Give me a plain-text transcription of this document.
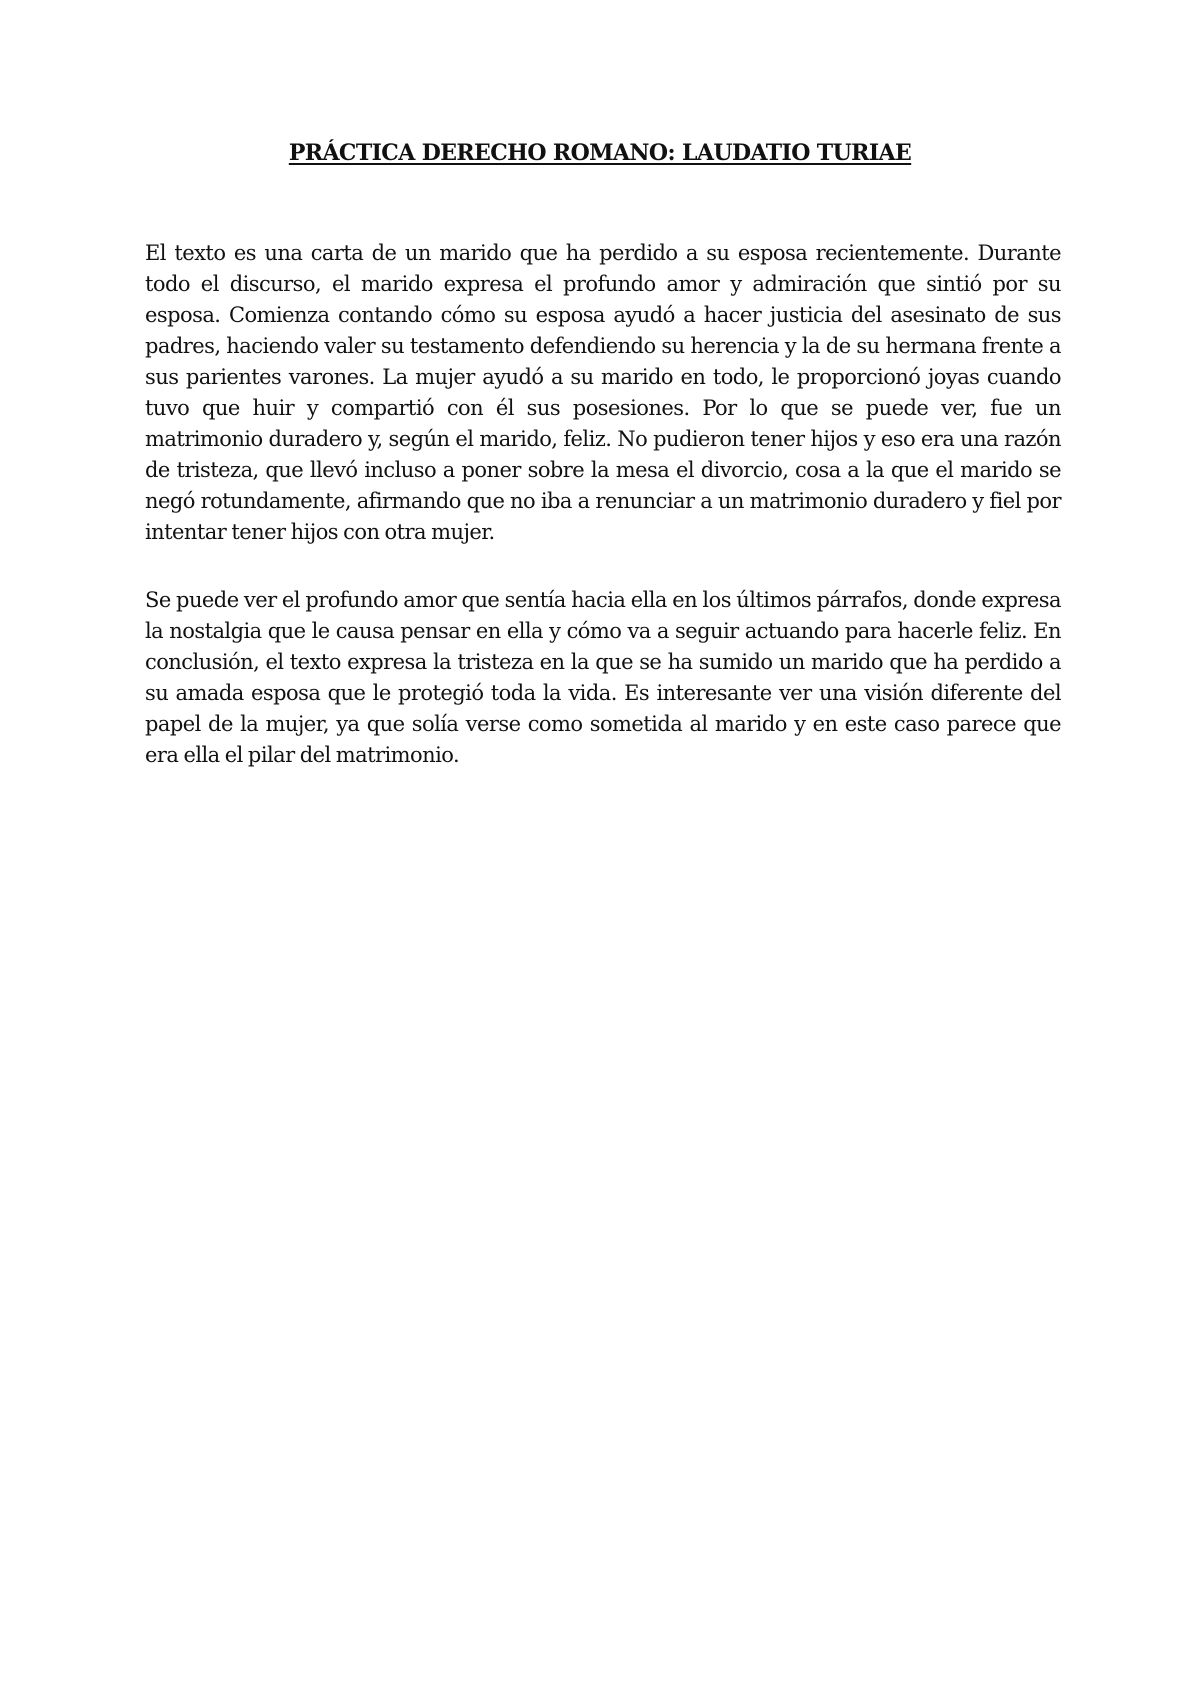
PRÁCTICA DERECHO ROMANO: LAUDATIO TURIAE

El texto es una carta de un marido que ha perdido a su esposa recientemente. Durante todo el discurso, el marido expresa el profundo amor y admiración que sintió por su esposa. Comienza contando cómo su esposa ayudó a hacer justicia del asesinato de sus padres, haciendo valer su testamento defendiendo su herencia y la de su hermana frente a sus parientes varones. La mujer ayudó a su marido en todo, le proporcionó joyas cuando tuvo que huir y compartió con él sus posesiones. Por lo que se puede ver, fue un matrimonio duradero y, según el marido, feliz. No pudieron tener hijos y eso era una razón de tristeza, que llevó incluso a poner sobre la mesa el divorcio, cosa a la que el marido se negó rotundamente, afirmando que no iba a renunciar a un matrimonio duradero y fiel por intentar tener hijos con otra mujer.

Se puede ver el profundo amor que sentía hacia ella en los últimos párrafos, donde expresa la nostalgia que le causa pensar en ella y cómo va a seguir actuando para hacerle feliz. En conclusión, el texto expresa la tristeza en la que se ha sumido un marido que ha perdido a su amada esposa que le protegió toda la vida. Es interesante ver una visión diferente del papel de la mujer, ya que solía verse como sometida al marido y en este caso parece que era ella el pilar del matrimonio.
